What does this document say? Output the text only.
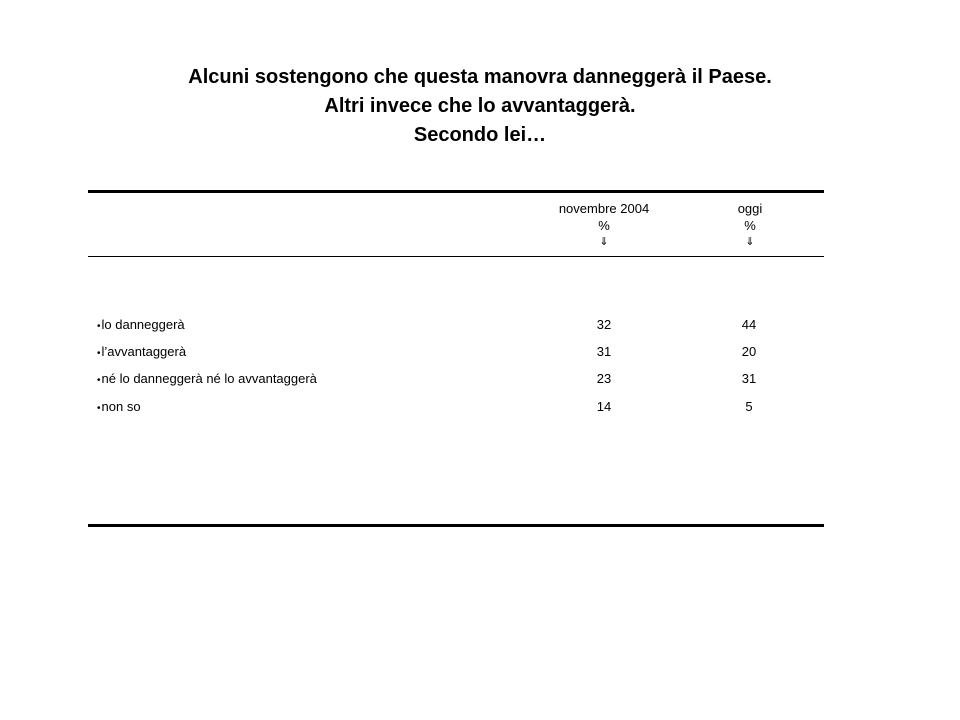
Alcuni sostengono che questa manovra danneggerà il Paese.
Altri invece che lo avvantaggerà.
Secondo lei…
novembre 2004
%
⇓
oggi
%
⇓
•lo danneggerà	32	44
•l’avvantaggerà	31	20
•né lo danneggerà né lo avvantaggerà	23	31
•non so	14	5
